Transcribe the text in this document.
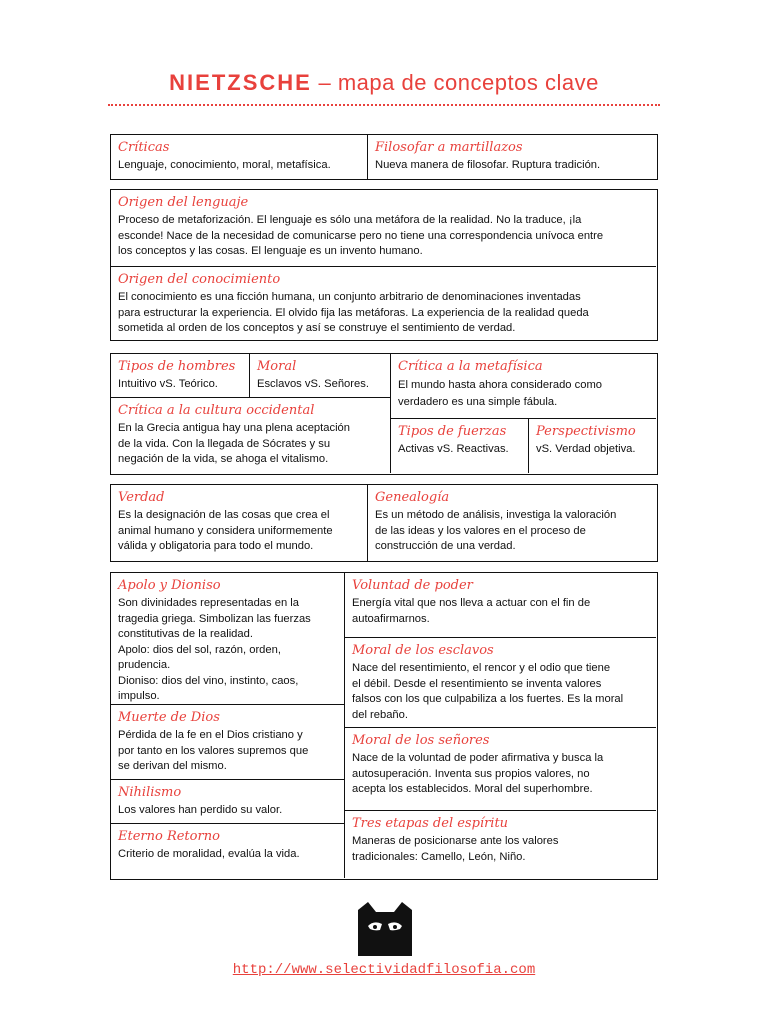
NIETZSCHE – mapa de conceptos clave
Críticas
Lenguaje, conocimiento, moral, metafísica.
Filosofar a martillazos
Nueva manera de filosofar. Ruptura tradición.
Origen del lenguaje
Proceso de metaforización. El lenguaje es sólo una metáfora de la realidad. No la traduce, ¡la
esconde! Nace de la necesidad de comunicarse pero no tiene una correspondencia unívoca entre
los conceptos y las cosas. El lenguaje es un invento humano.
Origen del conocimiento
El conocimiento es una ficción humana, un conjunto arbitrario de denominaciones inventadas
para estructurar la experiencia. El olvido fija las metáforas. La experiencia de la realidad queda
sometida al orden de los conceptos y así se construye el sentimiento de verdad.
Tipos de hombres
Intuitivo vS. Teórico.
Moral
Esclavos vS. Señores.
Crítica a la metafísica
El mundo hasta ahora considerado como
verdadero es una simple fábula.
Crítica a la cultura occidental
En la Grecia antigua hay una plena aceptación
de la vida. Con la llegada de Sócrates y su
negación de la vida, se ahoga el vitalismo.
Tipos de fuerzas
Activas vS. Reactivas.
Perspectivismo
vS. Verdad objetiva.
Verdad
Es la designación de las cosas que crea el
animal humano y considera uniformemente
válida y obligatoria para todo el mundo.
Genealogía
Es un método de análisis, investiga la valoración
de las ideas y los valores en el proceso de
construcción de una verdad.
Apolo y Dioniso
Son divinidades representadas en la
tragedia griega. Simbolizan las fuerzas
constitutivas de la realidad.
Apolo: dios del sol, razón, orden,
prudencia.
Dioniso: dios del vino, instinto, caos,
impulso.
Muerte de Dios
Pérdida de la fe en el Dios cristiano y
por tanto en los valores supremos que
se derivan del mismo.
Nihilismo
Los valores han perdido su valor.
Eterno Retorno
Criterio de moralidad, evalúa la vida.
Voluntad de poder
Energía vital que nos lleva a actuar con el fin de
autoafirmarnos.
Moral de los esclavos
Nace del resentimiento, el rencor y el odio que tiene
el débil. Desde el resentimiento se inventa valores
falsos con los que culpabiliza a los fuertes. Es la moral
del rebaño.
Moral de los señores
Nace de la voluntad de poder afirmativa y busca la
autosuperación. Inventa sus propios valores, no
acepta los establecidos. Moral del superhombre.
Tres etapas del espíritu
Maneras de posicionarse ante los valores
tradicionales: Camello, León, Niño.
http://www.selectividadfilosofia.com
